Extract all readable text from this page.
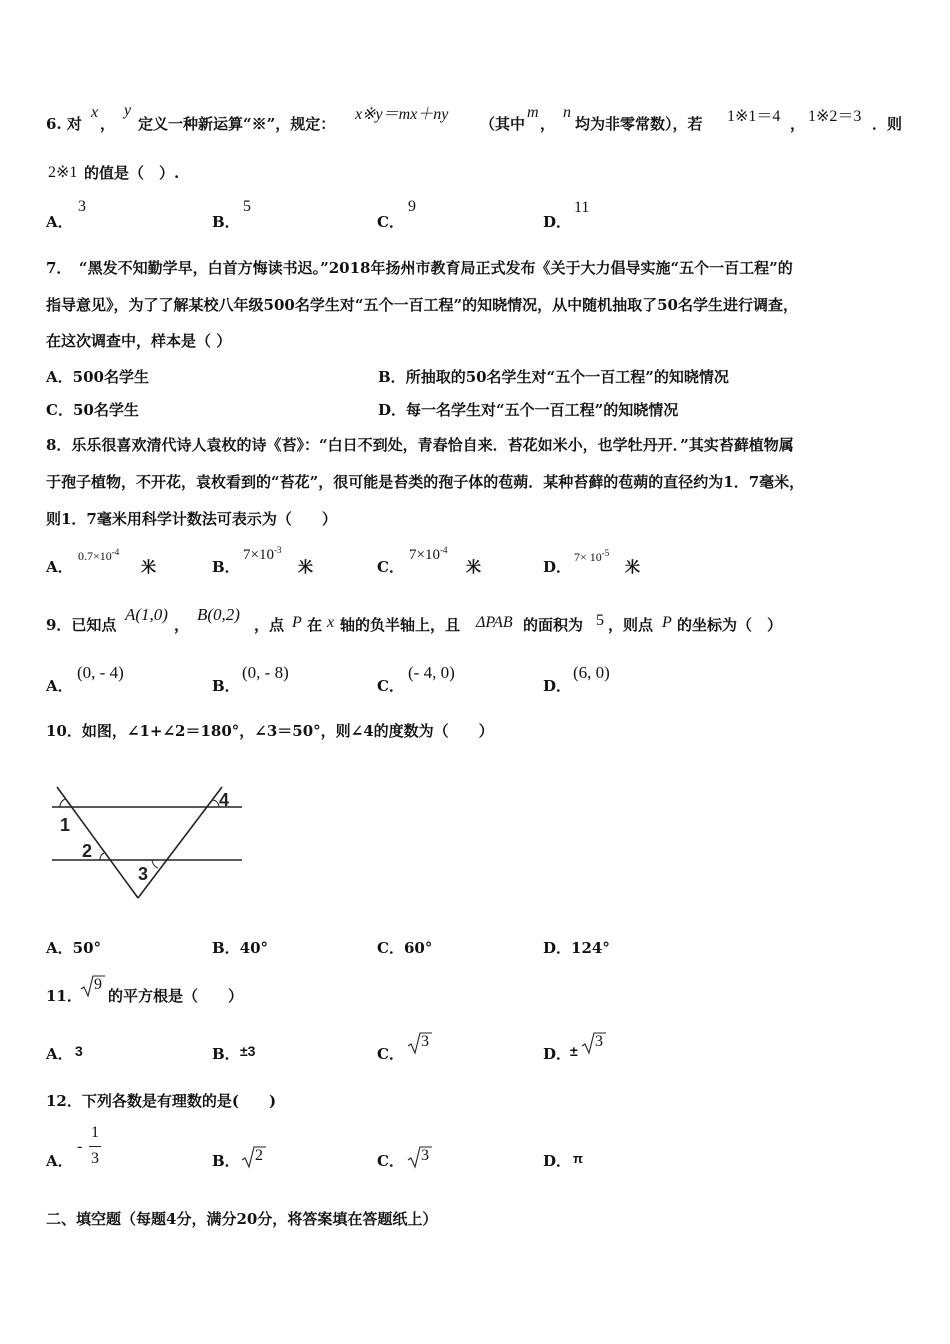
6. 对
x
，
y
定义一种新运算“※”，规定：
x※y＝mx＋ny
（其中
m
，
n
均为非零常数），若 1※1＝4 ， 1※2＝3 ．则
2※1 的值是（　）.
A．
3
B．
5
C．
9
D．
11
7．　“黑发不知勤学早，白首方悔读书迟。”2018年扬州市教育局正式发布《关于大力倡导实施“五个一百工程”的
指导意见》，为了了解某校八年级500名学生对“五个一百工程”的知晓情况，从中随机抽取了50名学生进行调查，
在这次调查中，样本是（ ）
A．500名学生	B．所抽取的50名学生对“五个一百工程”的知晓情况
C．50名学生	D．每一名学生对“五个一百工程”的知晓情况
8．乐乐很喜欢清代诗人袁枚的诗《苔》：“白日不到处，青春恰自来．苔花如米小，也学牡丹开．”其实苔藓植物属
于孢子植物，不开花，袁枚看到的“苔花”，很可能是苔类的孢子体的苞蒴．某种苔藓的苞蒴的直径约为1．7毫米，
则1．7毫米用科学计数法可表示为（　　）
A．
$0.7\times 10^{-4}$
米	B．
$7\times 10^{-3}$
米	C．
$7\times 10^{-4}$
米	D．
$7\times 10^{-5}$
米
9．已知点
A(1,0)
，
B(0,2)
，点 P 在 x 轴的负半轴上，且 ΔPAB 的面积为 5 ，则点 P 的坐标为（　）
A．
(0, - 4)
B．
(0, - 8)
C．
(- 4, 0)
D．
(6, 0)
10．如图，∠1+∠2＝180°，∠3＝50°，则∠4的度数为（　　）
1
2
3
4
A．50°	B．40°	C．60°	D．124°
11．
9
的平方根是（　　）
A． 3	B． ±3	C．
3
D．
±
3
12．下列各数是有理数的是(　　)
A．
-
1
3	B． 2	C． 3	D． π
二、填空题（每题4分，满分20分，将答案填在答题纸上）
